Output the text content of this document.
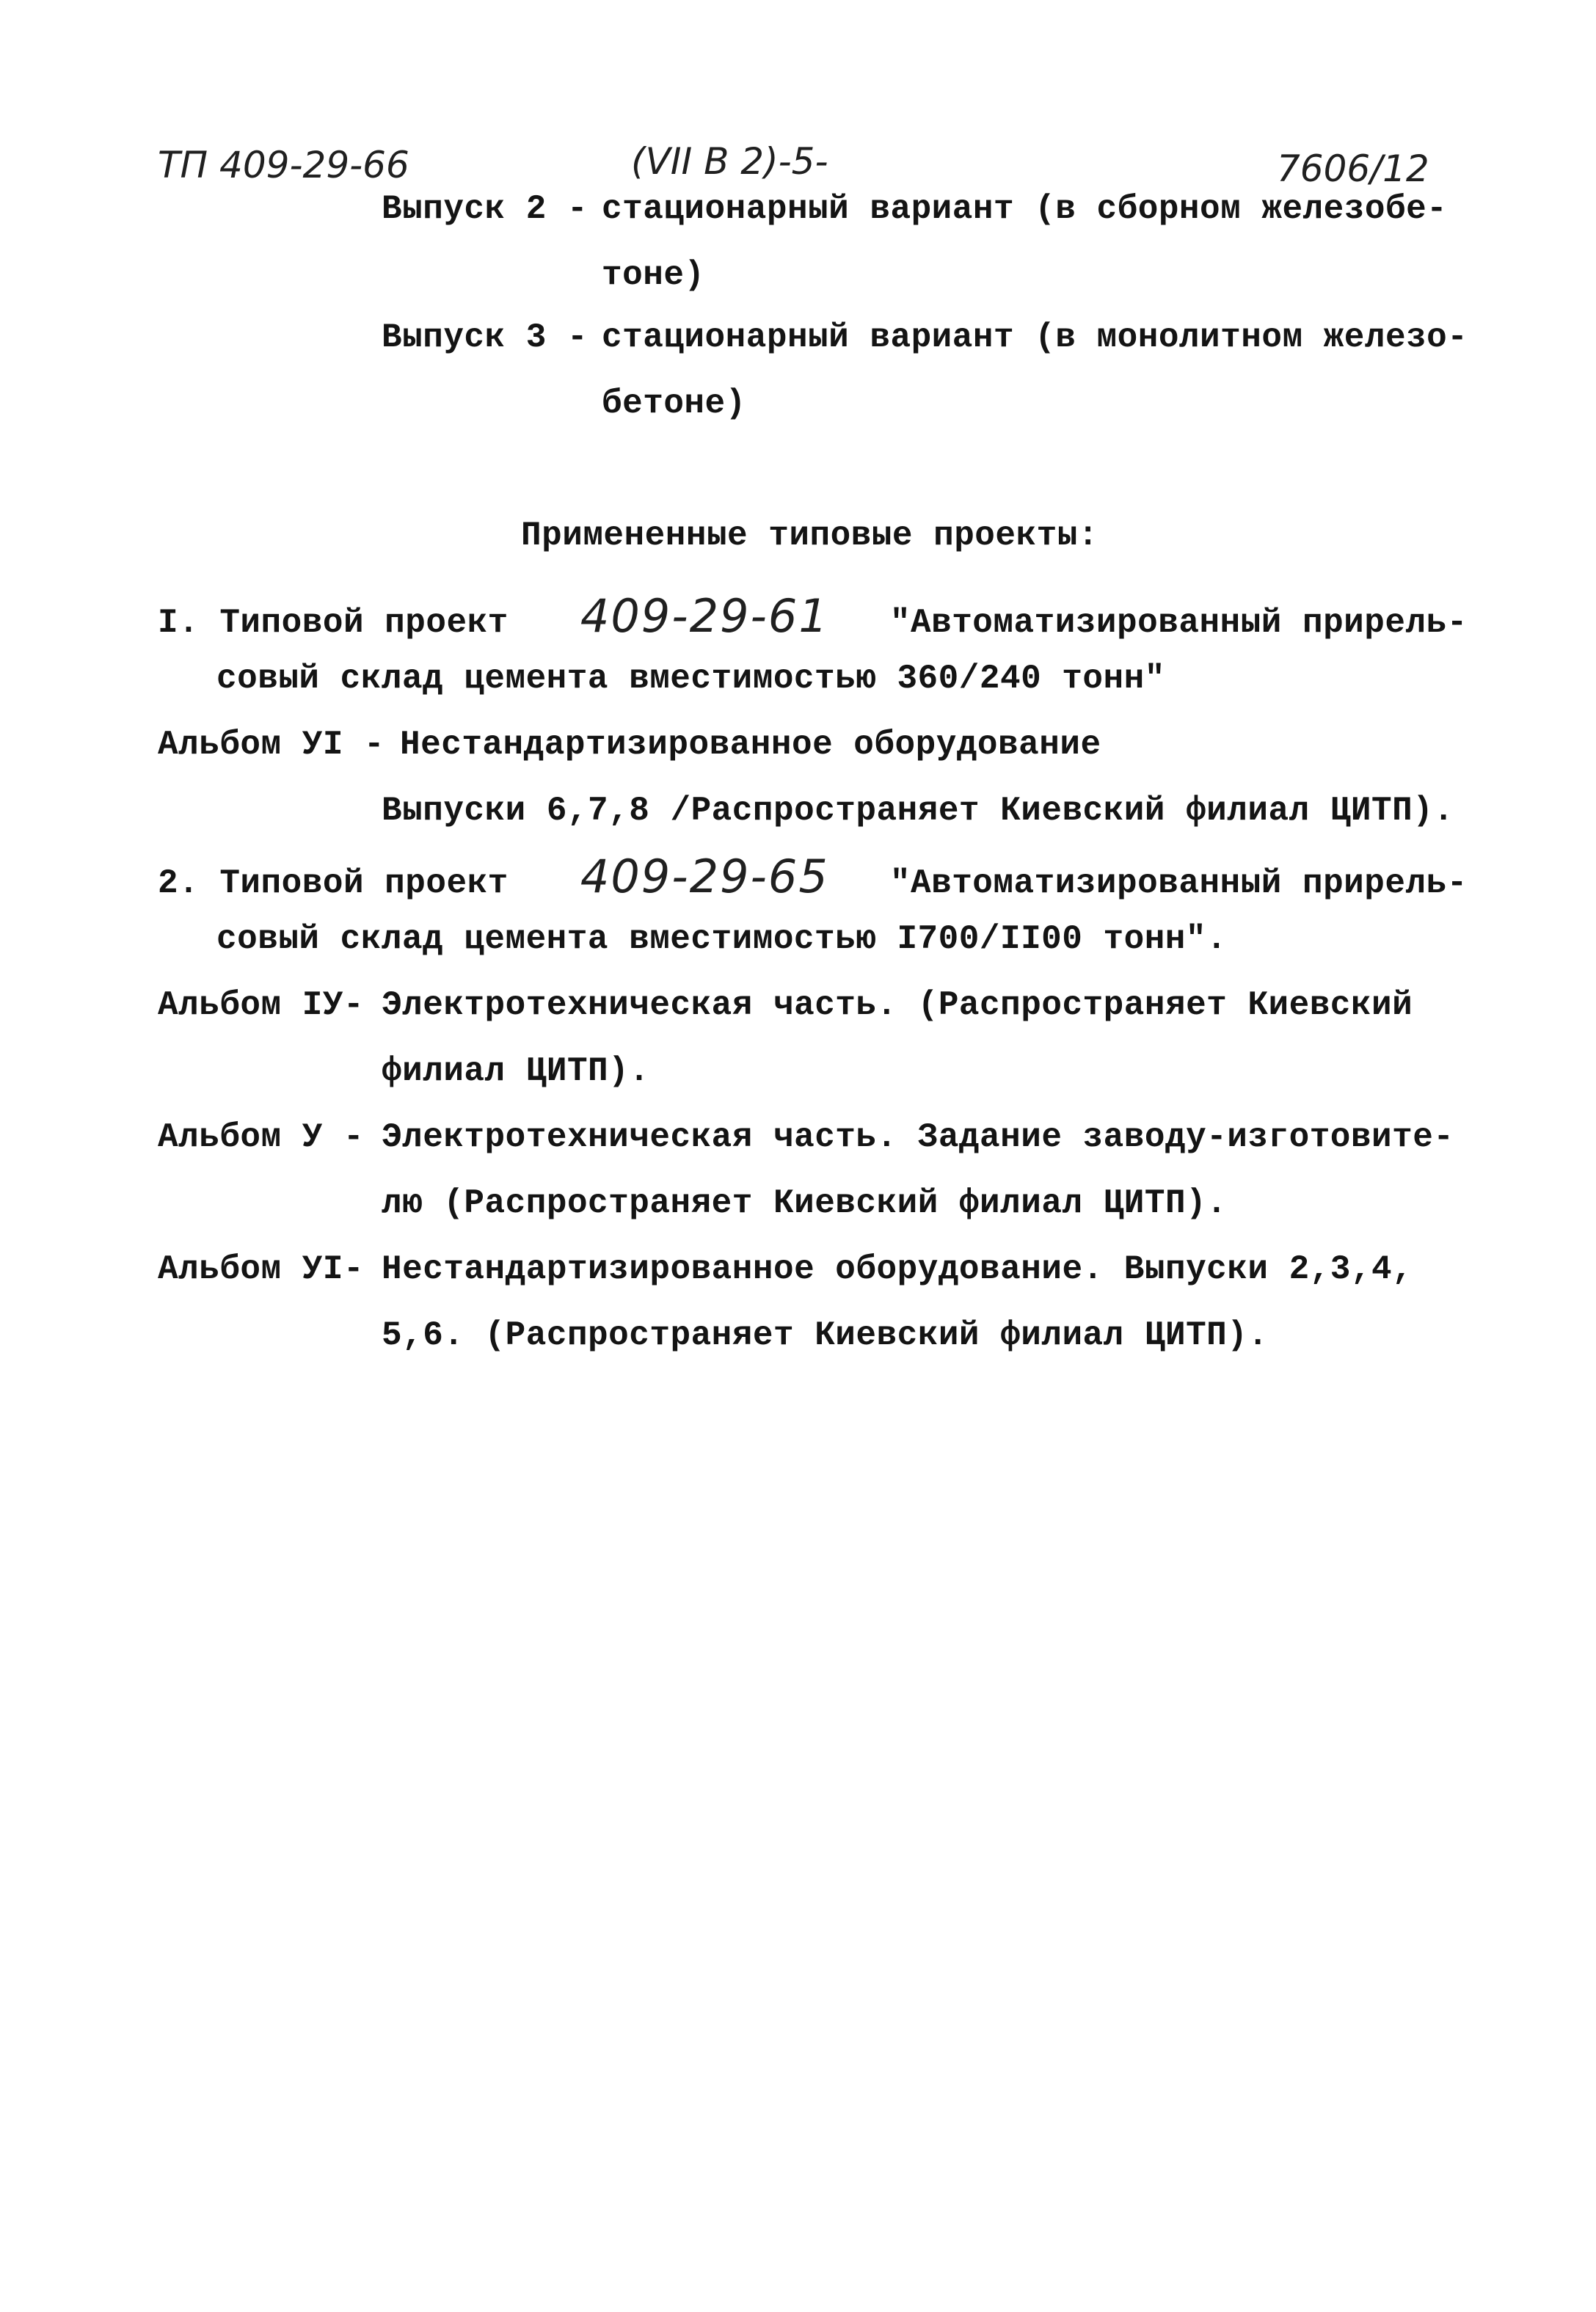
ТП 409-29-66	(VII В 2)-5-	7606/12
Выпуск 2 - стационарный вариант (в сборном железобе-
тоне)
Выпуск 3 - стационарный вариант (в монолитном железо-
бетоне)
Примененные типовые проекты:
I. Типовой проект 409-29-61 "Автоматизированный прирель-
совый склад цемента вместимостью 360/240 тонн"
Альбом УI - Нестандартизированное оборудование
Выпуски 6,7,8 /Распространяет Киевский филиал ЦИТП).
2. Типовой проект 409-29-65 "Автоматизированный прирель-
совый склад цемента вместимостью I700/II00 тонн".
Альбом IУ- Электротехническая часть. (Распространяет Киевский
филиал ЦИТП).
Альбом У - Электротехническая часть. Задание заводу-изготовите-
лю (Распространяет Киевский филиал ЦИТП).
Альбом УI- Нестандартизированное оборудование. Выпуски 2,3,4,
5,6. (Распространяет Киевский филиал ЦИТП).
